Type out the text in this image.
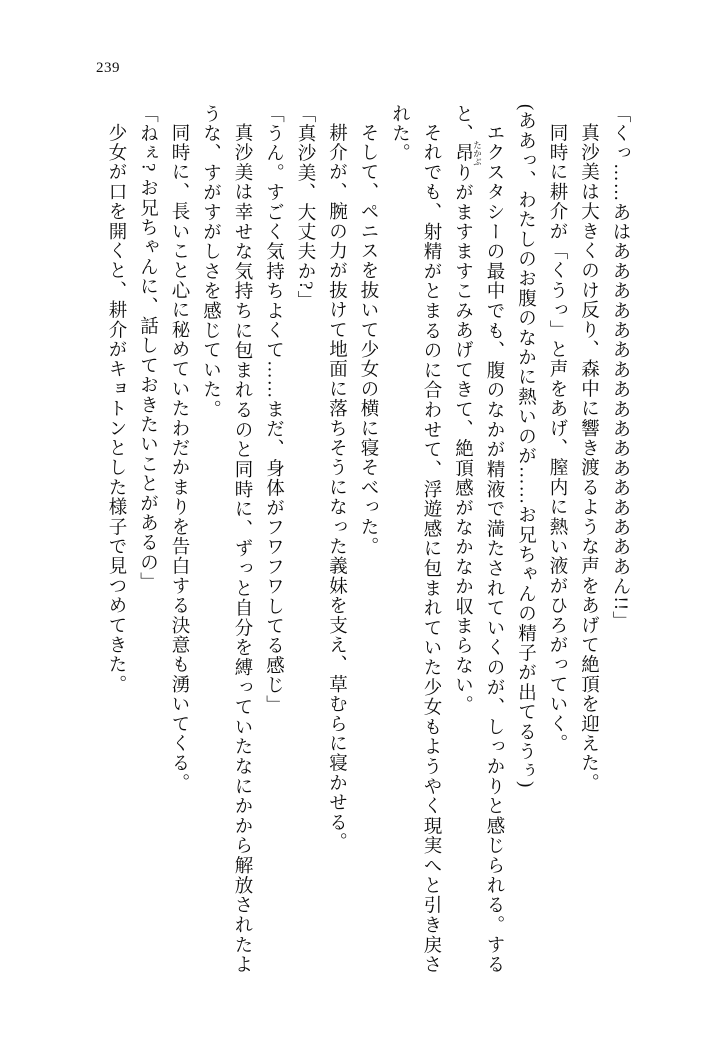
239

「くっ……あはあああああああああああああああああん!!」

真沙美は大きくのけ反り、森中に響き渡るような声をあげて絶頂を迎えた。

同時に耕介が「くうっ」と声をあげ、膣内に熱い液がひろがっていく。

(ああっ、わたしのお腹のなかに熱いのが……お兄ちゃんの精子が出てるうぅ)

エクスタシーの最中でも、腹のなかが精液で満たされていくのが、しっかりと感じられる。すると、昂 たかぶりがますますこみあげてきて、絶頂感がなかなか収まらない。

それでも、射精がとまるのに合わせて、浮遊感に包まれていた少女もようやく現実へと引き戻された。

そして、ペニスを抜いて少女の横に寝そべった。

耕介が、腕の力が抜けて地面に落ちそうになった義妹を支え、草むらに寝かせる。

「真沙美、大丈夫か?」

「うん。すごく気持ちよくて……まだ、身体がフワフワしてる感じ」

真沙美は幸せな気持ちに包まれるのと同時に、ずっと自分を縛っていたなにかから解放されたような、すがすがしさを感じていた。

同時に、長いこと心に秘めていたわだかまりを告白する決意も湧いてくる。

「ねぇ? お兄ちゃんに、話しておきたいことがあるの」

少女が口を開くと、耕介がキョトンとした様子で見つめてきた。
